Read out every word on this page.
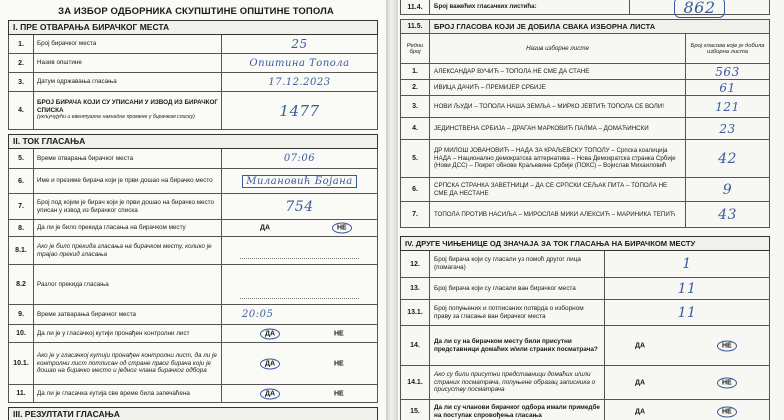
ЗА ИЗБОР ОДБОРНИКА СКУПШТИНЕ ОПШТИНЕ ТОПОЛА
I. ПРЕ ОТВАРАЊА БИРАЧКОГ МЕСТА
1.	Број бирачког места	25
2.	Назив општине	Општина Топола
3.	Датум одржавања гласања	17.12.2023
4.
БРОЈ БИРАЧА КОЈИ СУ УПИСАНИ У ИЗВОД ИЗ БИРАЧКОГ СПИСКА
(укључујући и евентуалне накнадне промене у бирачком списку)	1477
II. ТОК ГЛАСАЊА
5.	Време отварања бирачког места	07:06
6.	Име и презиме бирача који је први дошао на бирачко место	Милановић Бојана
7.
Број под којим је бирач који је први дошао на бирачко место уписан у извод из бирачког списка	754
8.	Да ли је било прекида гласања на бирачком месту	ДА	НЕ
8.1.
Ако је било прекида гласања на бирачком месту, колико је трајао прекид гласања
8.2	Разлог прекида гласања
9.	Време затварања бирачког места	20:05
10.	Да ли је у гласачкој кутији пронађен контролни лист	ДА	НЕ
10.1.
Ако је у гласачкој кутији пронађен контролни лист, да ли је контролни лист потписан од стране првог бирача који је дошао на бирачко место и једног члана бирачког одбора
ДА	НЕ
11.	Да ли је гласачка кутија све време била запечаћена	ДА	НЕ
III. РЕЗУЛТАТИ ГЛАСАЊА
11.4.	Број важећих гласачких листића:	862
11.5.	БРОЈ ГЛАСОВА КОЈИ ЈЕ ДОБИЛА СВАКА ИЗБОРНА ЛИСТА
Редни број	Назив изборне листе	Број гласова које је добила изборна листа
1.	АЛЕКСАНДАР ВУЧИЋ – ТОПОЛА НЕ СМЕ ДА СТАНЕ	563
2.	ИВИЦА ДАЧИЋ – ПРЕМИЈЕР СРБИЈЕ	61
3.	НОВИ ЉУДИ – ТОПОЛА НАША ЗЕМЉА – МИРКО ЈЕВТИЋ ТОПОЛА СЕ ВОЛИ!	121
4.	ЈЕДИНСТВЕНА СРБИЈА – ДРАГАН МАРКОВИЋ ПАЛМА – ДОМАЋИНСКИ	23
5.
ДР МИЛОШ ЈОВАНОВИЋ – НАДА ЗА КРАЉЕВСКУ ТОПОЛУ – Српска коалиција НАДА – Национално демократска алтернатива – Нова Демократска странка Србије (Нови ДСС) – Покрет обнове Краљевине Србије (ПОКС) – Војислав Михаиловић	42
6.
СРПСКА СТРАНКА ЗАВЕТНИЦИ – ДА СЕ СРПСКИ СЕЉАК ПИТА – ТОПОЛА НЕ СМЕ ДА НЕСТАНЕ	9
7.	ТОПОЛА ПРОТИВ НАСИЉА – МИРОСЛАВ МИКИ АЛЕКСИЋ – МАРИНИКА ТЕПИЋ	43
IV. ДРУГЕ ЧИЊЕНИЦЕ ОД ЗНАЧАЈА ЗА ТОК ГЛАСАЊА НА БИРАЧКОМ МЕСТУ
12.
Број бирача који су гласали уз помоћ другог лица (помагача)	1
13.	Број бирача који су гласали ван бирачког места	11
13.1.
Број попуњених и потписаних потврда о изборном праву за гласање ван бирачког места	11
14.
Да ли су на бирачком месту били присутни представници домаћих и/или страних посматрача?	ДА	НЕ
14.1.
Ако су били присутни представници домаћих и/или страних посматрача, попуњене образац записника о присуству посматрача
ДА	НЕ
15.
Да ли су чланови бирачког одбора имали примедбе на поступак спровођења гласања	ДА	НЕ
